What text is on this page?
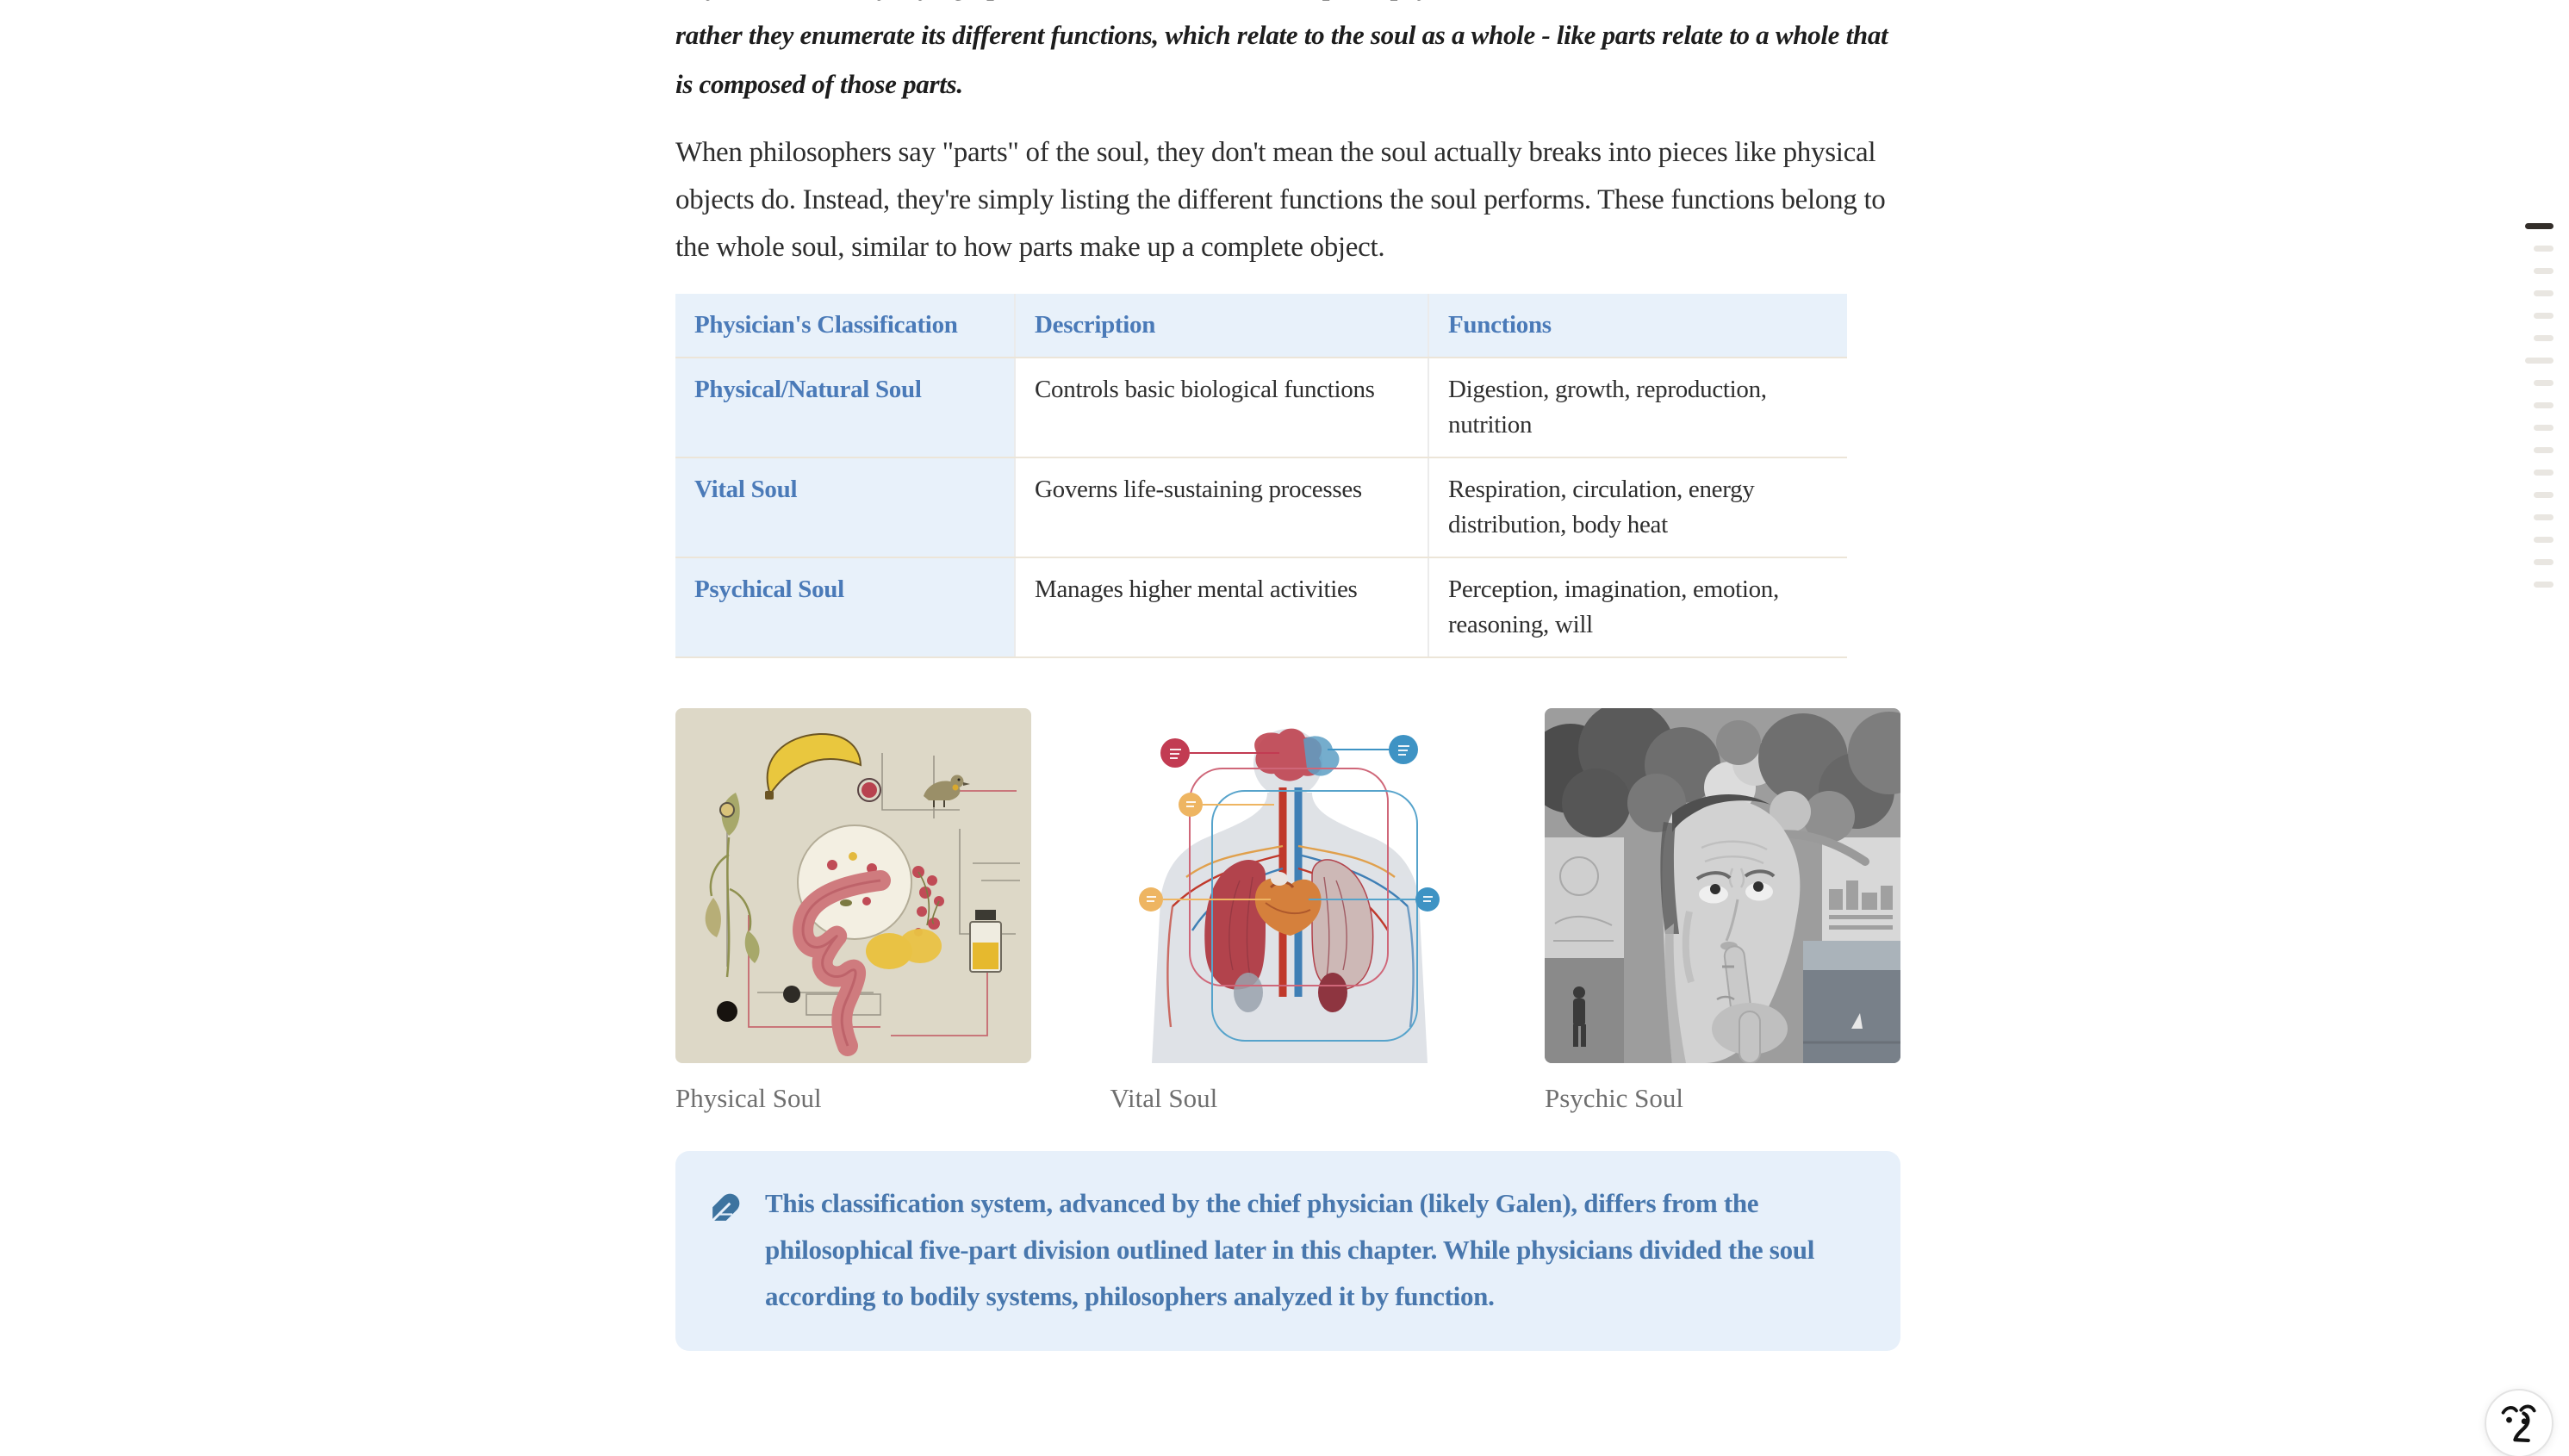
rather they enumerate its different functions, which relate to the soul as a whole - like parts relate to a whole that is composed of those parts.

When philosophers say "parts" of the soul, they don't mean the soul actually breaks into pieces like physical objects do. Instead, they're simply listing the different functions the soul performs. These functions belong to the whole soul, similar to how parts make up a complete object.

Physician's Classification	Description	Functions
Physical/Natural Soul	Controls basic biological functions	Digestion, growth, reproduction, nutrition
Vital Soul	Governs life-sustaining processes	Respiration, circulation, energy distribution, body heat
Psychical Soul	Manages higher mental activities	Perception, imagination, emotion, reasoning, will
Physical Soul	Vital Soul	Psychic Soul
This classification system, advanced by the chief physician (likely Galen), differs from the philosophical five-part division outlined later in this chapter. While physicians divided the soul according to bodily systems, philosophers analyzed it by function.
